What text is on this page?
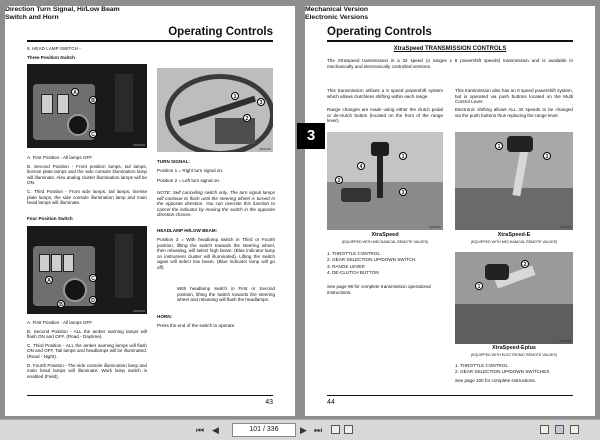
Operating Controls
8. HEAD LAMP SWITCH -
Three Position Switch
A
B
C
M204403
A. First Position - All lamps OFF.
B. Second Position - Front position lamps, tail lamps, license plate lamps and the side console illumination lamp will illuminate. Also analog cluster illumination lamps will be ON.
C. Third Position - Front side lamps, tail lamps, license plate lamps, the side console illumination lamp and main head lamps will illuminate.
Four Position Switch
A
B
C
D
M204403
A. First Position - All lamps OFF.
B. Second Position - ALL the amber warning lamps will flash ON and OFF. (Road - Daytime).
C. Third Position - ALL the amber warning lamps will flash ON and OFF. Tail lamps and headlamps will be illuminated. (Road - Night).
D. Fourth Position - The side console illumination lamp and main head lamps will illuminate. Work lamp switch is enabled (Field).
Direction Turn Signal, Hi/Low Beam Switch and Horn
1
2
3
M204403
TURN SIGNAL:
Position 1 = Right turn signal on.
Position 2 = Left turn signal on.
NOTE: Self cancelling switch only. The turn signal lamps will continue to flash until the steering wheel is turned in the opposite direction. You can override this function to cancel the indicator by moving the switch in the opposite direction chosen.
HEADLAMP HI/LOW BEAM:
Position 3 = With headlamp switch in Third or Fourth position, lifting the switch towards the steering wheel, then releasing, will select high beam. (Blue indicator lamp on instrument cluster will illuminated). Lifting the switch again will select low beam. (Blue indicator lamp will go off).
With headlamp switch in First or Second position, lifting the switch towards fire steering wheel and releasing will flash the headlamps.
HORN:
Press the end of the switch to operate.
43
3
Operating Controls
XtraSpeed TRANSMISSION CONTROLS
The XtraSpeed transmission is a 32 speed (4 ranges x 8 powershift speeds) transmission and is available in mechanically and electronically controlled versions.
Mechanical Version
This transmission utilises a 8 speed powershift system which allows clutchless shifting within each range.
Range changes are made using either the clutch pedal or de-clutch button (located on the front of the range lever).
Electronic Versions
This transmission also has an 8 speed powershift system, but is operated via push buttons located on the Multi Control Lever.
Electronic shifting allows ALL 32 speeds to be changed via the push buttons thus replacing the range lever.
1
2
3
4
M204403
XtraSpeed
(EQUIPPED WITH MECHANICAL REMOTE VALVES)
1. THROTTLE CONTROL
2. GEAR SELECTION UP/DOWN SWITCH
3. RANGE LEVER
4. DE-CLUTCH BUTTON
See page 98 for complete transmission operational instructions.
1
2
M204403
XtraSpeed-E
(EQUIPPED WITH MECHANICAL REMOTE VALVES)
1
2
M204403
XtraSpeed-Eplus
(EQUIPPED WITH ELECTRONIC REMOTE VALVES)
1. THROTTLE CONTROL
2. GEAR SELECTION UP/DOWN SWITCHES
See page 100 for complete instructions.
44
⏮ ◀	101 / 336	▶ ⏭
